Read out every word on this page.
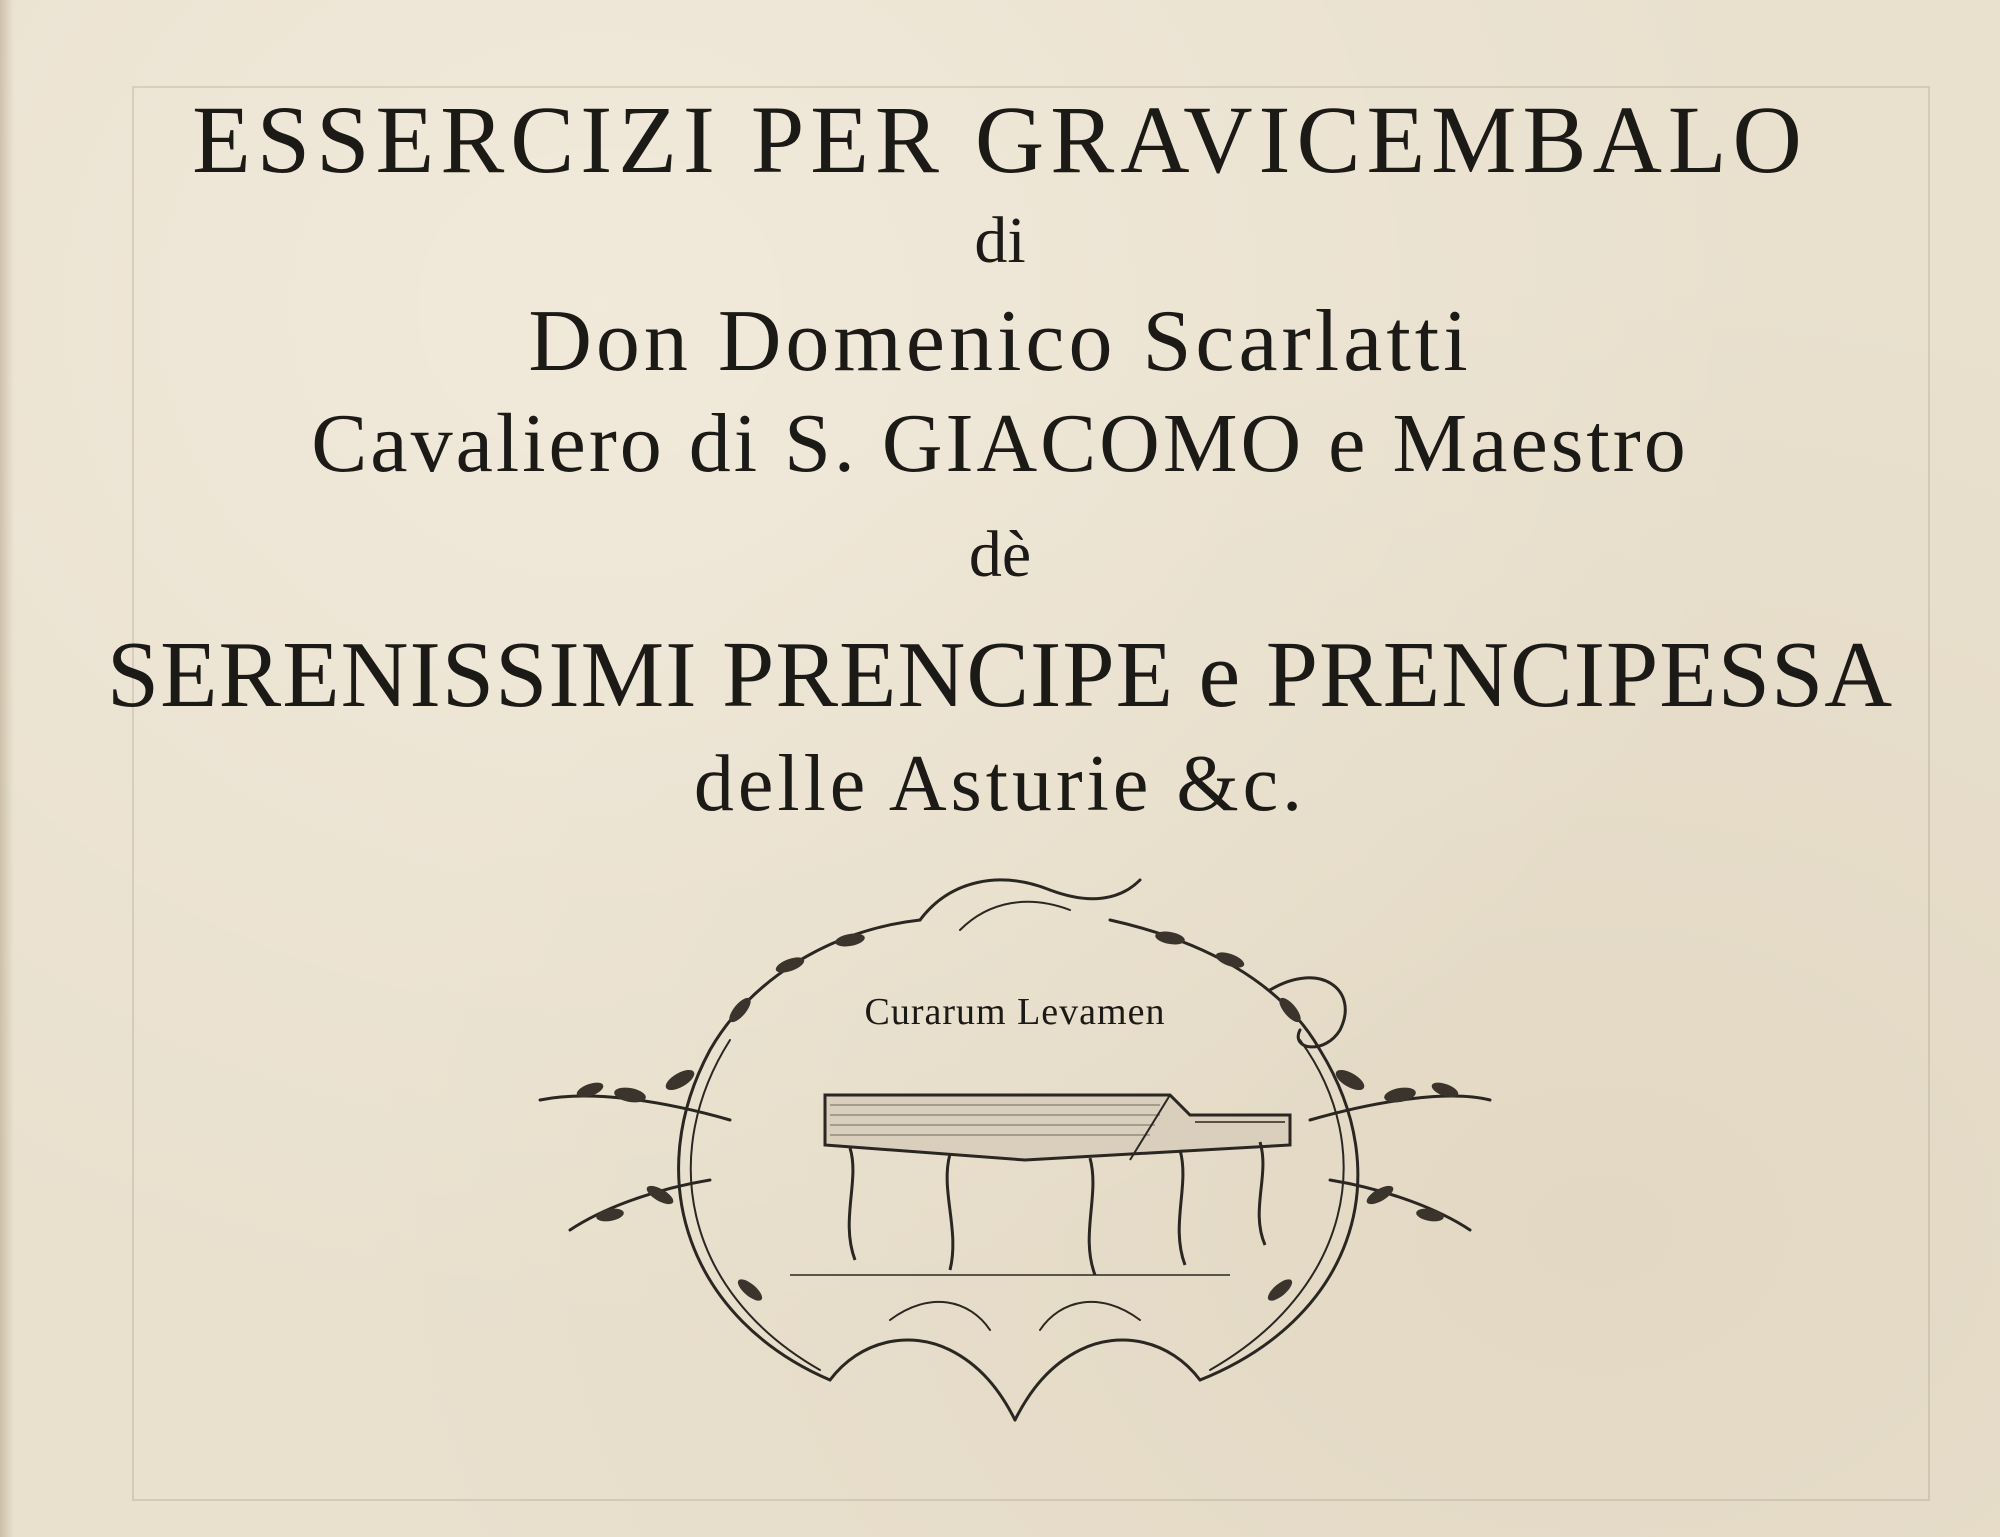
ESSERCIZI PER GRAVICEMBALO
di
Don Domenico Scarlatti
Cavaliero di S. GIACOMO e Maestro
dè
SERENISSIMI PRENCIPE e PRENCIPESSA
delle Asturie &c.
Curarum Levamen
